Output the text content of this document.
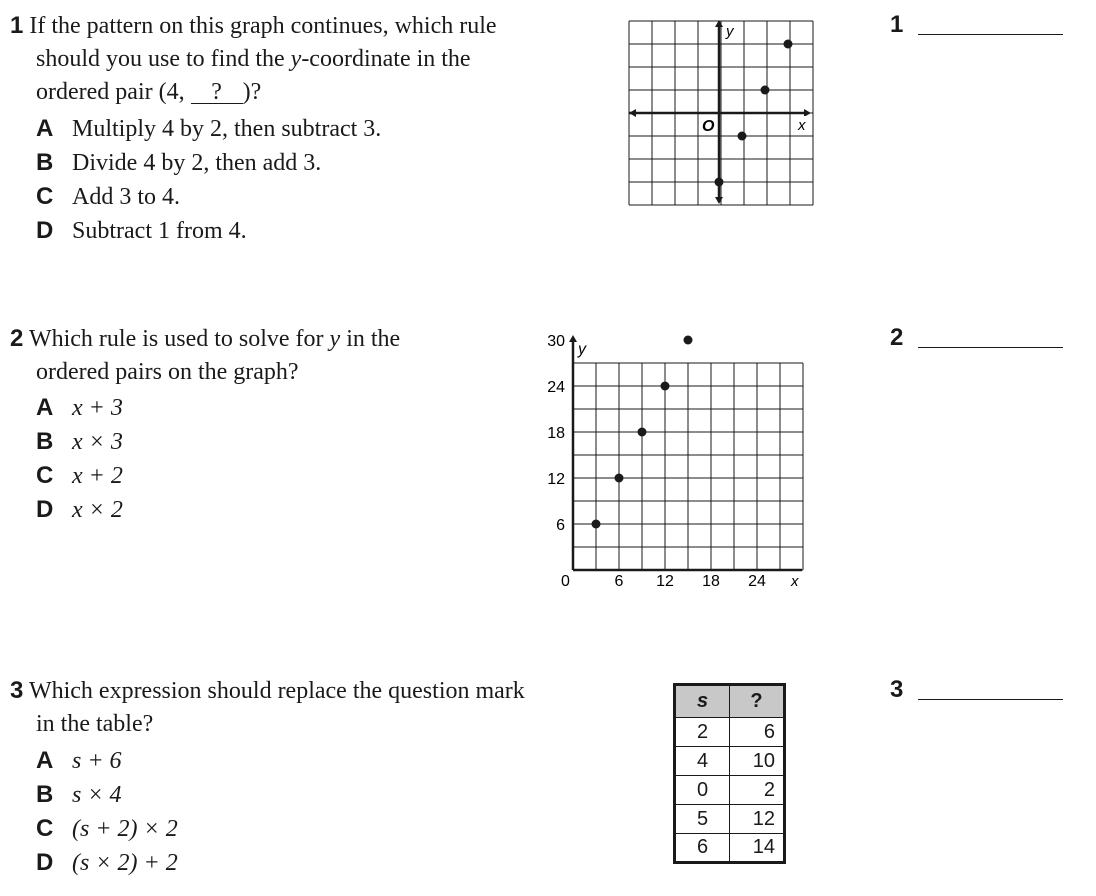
1 If the pattern on this graph continues, which rule
should you use to find the y-coordinate in the
ordered pair (4, ? )?
A Multiply 4 by 2, then subtract 3.
B Divide 4 by 2, then add 3.
C Add 3 to 4.
D Subtract 1 from 4.
y
x
O
1
2 Which rule is used to solve for y in the
ordered pairs on the graph?
A x + 3
B x × 3
C x + 2
D x × 2
y
x
0	6 12 18 24
6
12
18
24
30	2
3 Which expression should replace the question mark
in the table?
A s + 6
B s × 4
C (s + 2) × 2
D (s × 2) + 2
s	?
2	6
4	10
0	2
5	12
6	14
3
